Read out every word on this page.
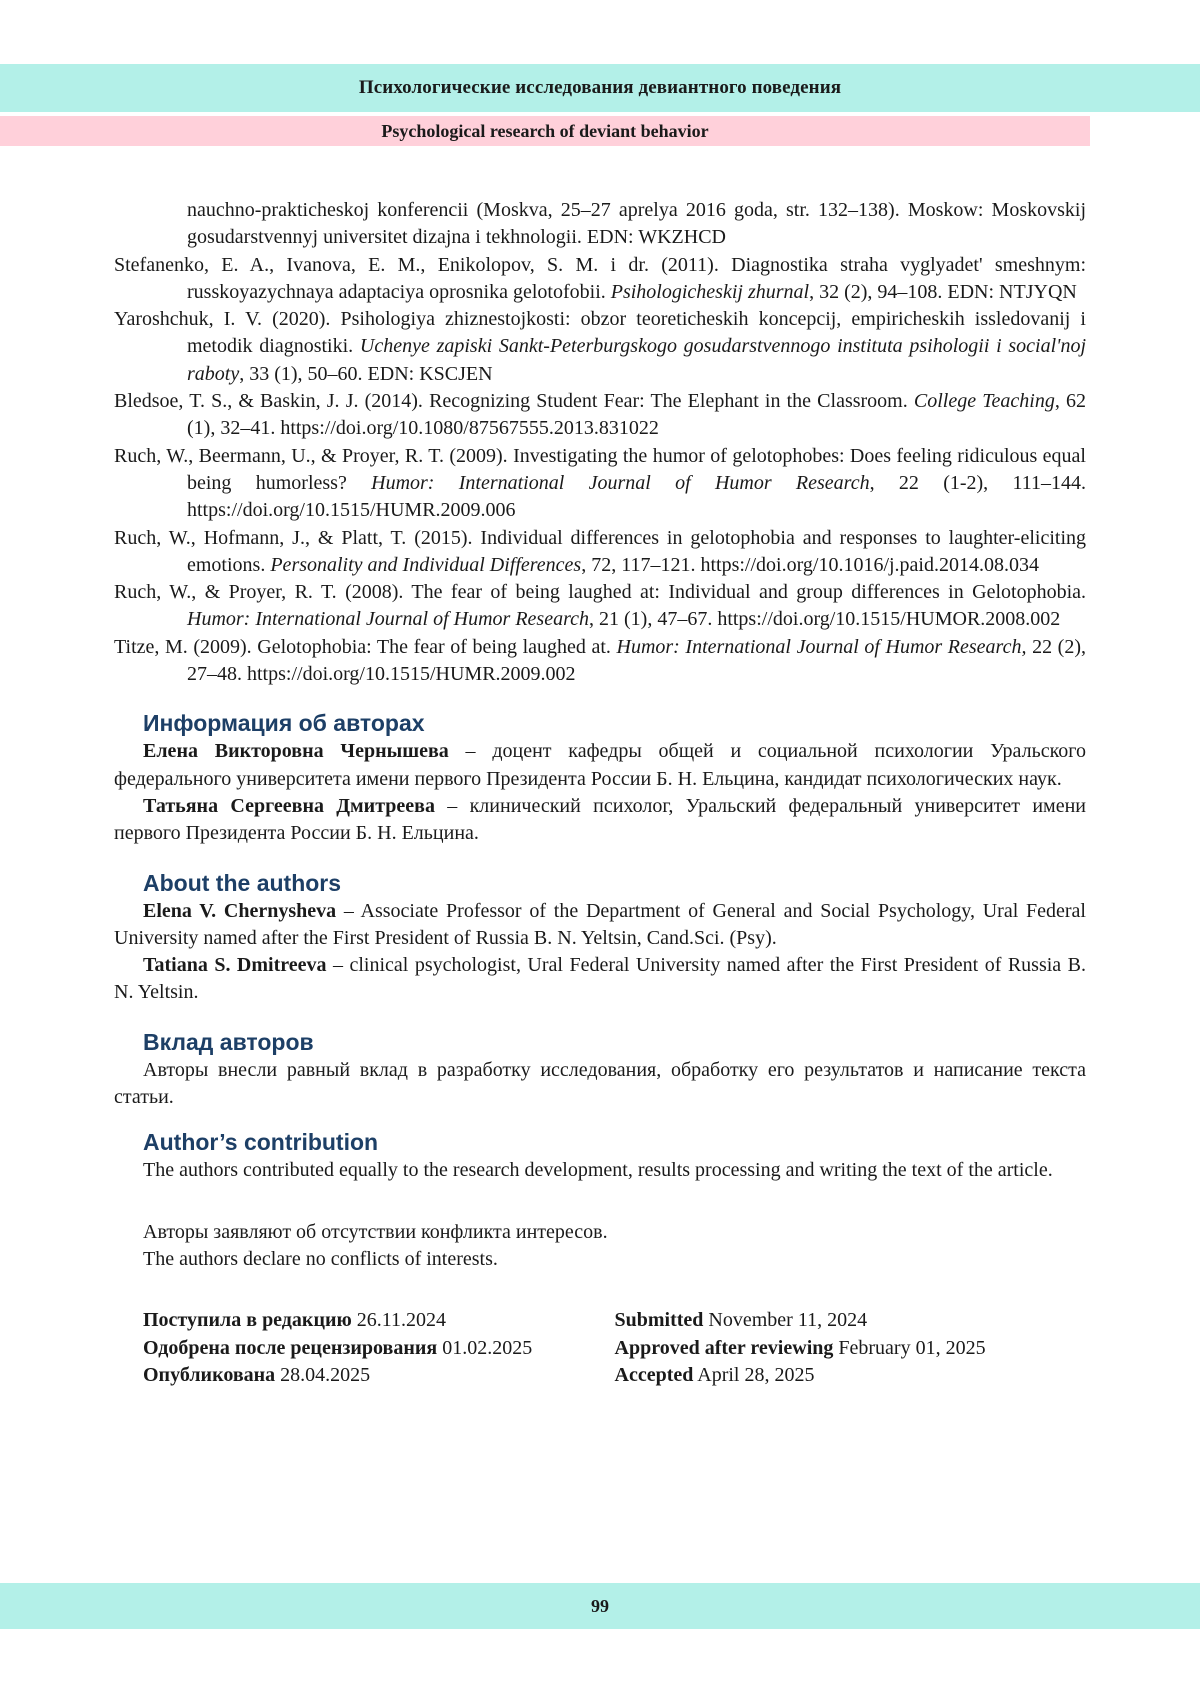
Психологические исследования девиантного поведения
Psychological research of deviant behavior
nauchno-prakticheskoj konferencii (Moskva, 25–27 aprelya 2016 goda, str. 132–138). Moskow: Moskovskij gosudarstvennyj universitet dizajna i tekhnologii. EDN: WKZHCD
Stefanenko, E. A., Ivanova, E. M., Enikolopov, S. M. i dr. (2011). Diagnostika straha vyglyadet' smeshnym: russkoyazychnaya adaptaciya oprosnika gelotofobii. Psihologicheskij zhurnal, 32 (2), 94–108. EDN: NTJYQN
Yaroshchuk, I. V. (2020). Psihologiya zhiznestojkosti: obzor teoreticheskih koncepcij, empiricheskih issledovanij i metodik diagnostiki. Uchenye zapiski Sankt-Peterburgskogo gosudarstvennogo instituta psihologii i social'noj raboty, 33 (1), 50–60. EDN: KSCJEN
Bledsoe, T. S., & Baskin, J. J. (2014). Recognizing Student Fear: The Elephant in the Classroom. College Teaching, 62 (1), 32–41. https://doi.org/10.1080/87567555.2013.831022
Ruch, W., Beermann, U., & Proyer, R. T. (2009). Investigating the humor of gelotophobes: Does feeling ridiculous equal being humorless? Humor: International Journal of Humor Research, 22 (1-2), 111–144. https://doi.org/10.1515/HUMR.2009.006
Ruch, W., Hofmann, J., & Platt, T. (2015). Individual differences in gelotophobia and responses to laughter-eliciting emotions. Personality and Individual Differences, 72, 117–121. https://doi.org/10.1016/j.paid.2014.08.034
Ruch, W., & Proyer, R. T. (2008). The fear of being laughed at: Individual and group differences in Gelotophobia. Humor: International Journal of Humor Research, 21 (1), 47–67. https://doi.org/10.1515/HUMOR.2008.002
Titze, M. (2009). Gelotophobia: The fear of being laughed at. Humor: International Journal of Humor Research, 22 (2), 27–48. https://doi.org/10.1515/HUMR.2009.002
Информация об авторах

Елена Викторовна Чернышева – доцент кафедры общей и социальной психологии Уральского федерального университета имени первого Президента России Б. Н. Ельцина, кандидат психологических наук.

Татьяна Сергеевна Дмитреева – клинический психолог, Уральский федеральный университет имени первого Президента России Б. Н. Ельцина.

About the authors

Elena V. Chernysheva – Associate Professor of the Department of General and Social Psychology, Ural Federal University named after the First President of Russia B. N. Yeltsin, Cand.Sci. (Psy).

Tatiana S. Dmitreeva – clinical psychologist, Ural Federal University named after the First President of Russia B. N. Yeltsin.

Вклад авторов

Авторы внесли равный вклад в разработку исследования, обработку его результатов и написание текста статьи.

Author’s contribution

The authors contributed equally to the research development, results processing and writing the text of the article.

Авторы заявляют об отсутствии конфликта интересов.
The authors declare no conflicts of interests.
Поступила в редакцию 26.11.2024
Одобрена после рецензирования 01.02.2025
Опубликована 28.04.2025
Submitted November 11, 2024
Approved after reviewing February 01, 2025
Accepted April 28, 2025
99
